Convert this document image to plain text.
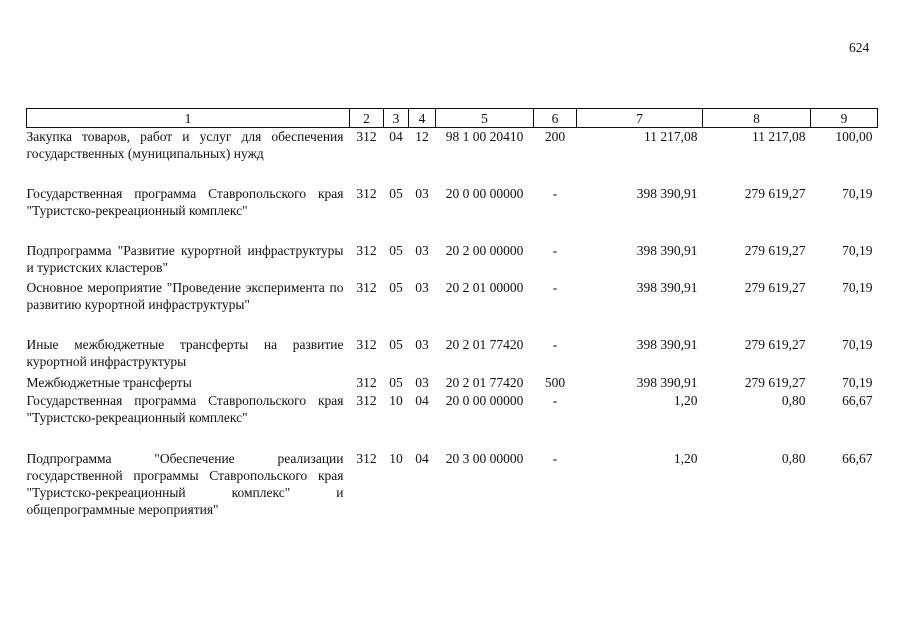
624
1	2	3	4	5	6	7	8	9

Закупка товаров, работ и услуг для обеспечения государственных (муниципальных) нужд	312	04	12	98 1 00 20410	200	11 217,08	11 217,08	100,00

Государственная программа Ставропольского края "Туристско-рекреационный комплекс"	312	05	03	20 0 00 00000	-	398 390,91	279 619,27	70,19

Подпрограмма "Развитие курортной инфраструктуры и туристских кластеров"	312	05	03	20 2 00 00000	-	398 390,91	279 619,27	70,19

Основное мероприятие "Проведение эксперимента по развитию курортной инфраструктуры"	312	05	03	20 2 01 00000	-	398 390,91	279 619,27	70,19

Иные межбюджетные трансферты на развитие курортной инфраструктуры	312	05	03	20 2 01 77420	-	398 390,91	279 619,27	70,19

Межбюджетные трансферты	312	05	03	20 2 01 77420	500	398 390,91	279 619,27	70,19

Государственная программа Ставропольского края "Туристско-рекреационный комплекс"	312	10	04	20 0 00 00000	-	1,20	0,80	66,67

Подпрограмма "Обеспечение реализации государственной программы Ставропольского края "Туристско-рекреационный комплекс" и общепрограммные мероприятия"	312	10	04	20 3 00 00000	-	1,20	0,80	66,67
